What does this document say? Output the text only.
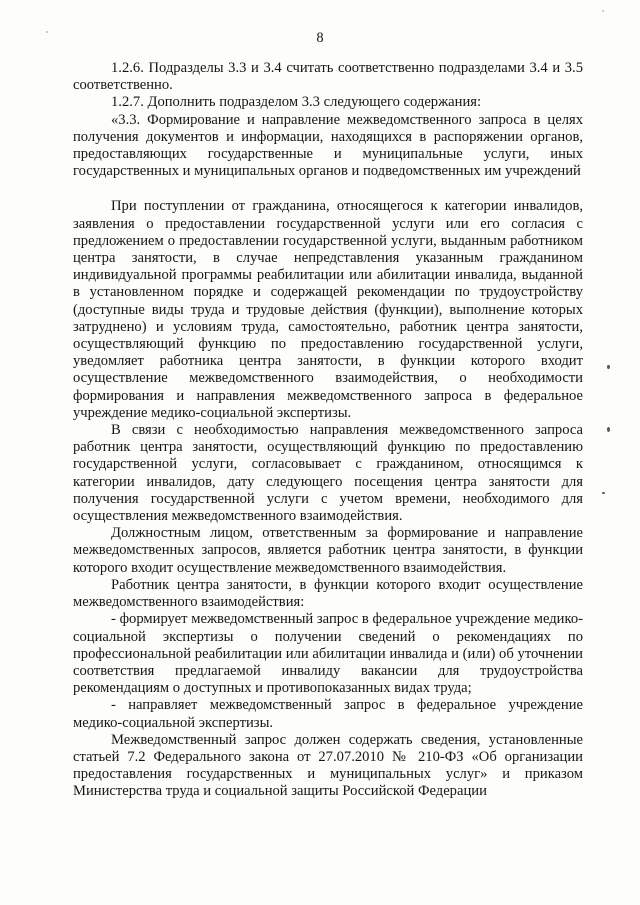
8

1.2.6. Подразделы 3.3 и 3.4 считать соответственно подразделами 3.4 и 3.5 соответственно.

1.2.7. Дополнить подразделом 3.3 следующего содержания:

«3.3. Формирование и направление межведомственного запроса в целях получения документов и информации, находящихся в распоряжении органов, предоставляющих государственные и муниципальные услуги, иных государственных и муниципальных органов и подведомственных им учреждений

При поступлении от гражданина, относящегося к категории инвалидов, заявления о предоставлении государственной услуги или его согласия с предложением о предоставлении государственной услуги, выданным работником центра занятости, в случае непредставления указанным гражданином индивидуальной программы реабилитации или абилитации инвалида, выданной в установленном порядке и содержащей рекомендации по трудоустройству (доступные виды труда и трудовые действия (функции), выполнение которых затруднено) и условиям труда, самостоятельно, работник центра занятости, осуществляющий функцию по предоставлению государственной услуги, уведомляет работника центра занятости, в функции которого входит осуществление межведомственного взаимодействия, о необходимости формирования и направления межведомственного запроса в федеральное учреждение медико-социальной экспертизы.

В связи с необходимостью направления межведомственного запроса работник центра занятости, осуществляющий функцию по предоставлению государственной услуги, согласовывает с гражданином, относящимся к категории инвалидов, дату следующего посещения центра занятости для получения государственной услуги с учетом времени, необходимого для осуществления межведомственного взаимодействия.

Должностным лицом, ответственным за формирование и направление межведомственных запросов, является работник центра занятости, в функции которого входит осуществление межведомственного взаимодействия.

Работник центра занятости, в функции которого входит осуществление межведомственного взаимодействия:

- формирует межведомственный запрос в федеральное учреждение медико-социальной экспертизы о получении сведений о рекомендациях по профессиональной реабилитации или абилитации инвалида и (или) об уточнении соответствия предлагаемой инвалиду вакансии для трудоустройства рекомендациям о доступных и противопоказанных видах труда;

- направляет межведомственный запрос в федеральное учреждение медико-социальной экспертизы.

Межведомственный запрос должен содержать сведения, установленные статьей 7.2 Федерального закона от 27.07.2010 № 210-ФЗ «Об организации предоставления государственных и муниципальных услуг» и приказом Министерства труда и социальной защиты Российской Федерации
